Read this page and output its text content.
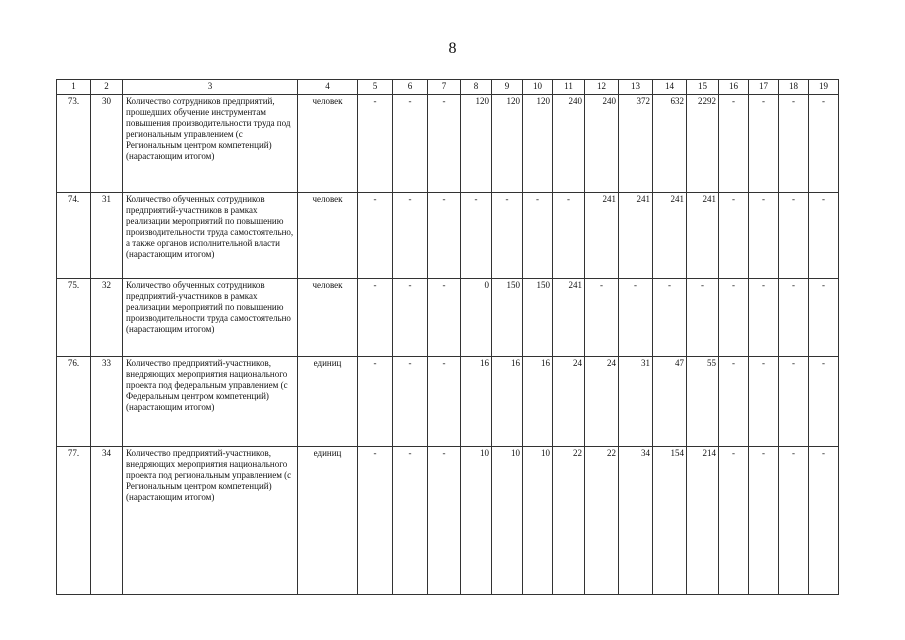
8
1	2	3	4	5	6	7	8	9	10	11	12	13	14	15	16	17	18	19
73.	30	Количество сотрудников предприятий, прошедших обучение инструментам повышения производительности труда под региональным управлением (с Региональным центром компетенций) (нарастающим итогом)	человек	-	-	-	120	120	120	240	240	372	632	2292	-	-	-	-
74.	31	Количество обученных сотрудников предприятий-участников в рамках реализации мероприятий по повышению производительности труда самостоятельно, а также органов исполнительной власти (нарастающим итогом)	человек	-	-	-	-	-	-	-	241	241	241	241	-	-	-	-
75.	32	Количество обученных сотрудников предприятий-участников в рамках реализации мероприятий по повышению производительности труда самостоятельно (нарастающим итогом)	человек	-	-	-	0	150	150	241	-	-	-	-	-	-	-	-
76.	33	Количество предприятий-участников, внедряющих мероприятия национального проекта под федеральным управлением (с Федеральным центром компетенций) (нарастающим итогом)	единиц	-	-	-	16	16	16	24	24	31	47	55	-	-	-	-
77.	34	Количество предприятий-участников, внедряющих мероприятия национального проекта под региональным управлением (с Региональным центром компетенций) (нарастающим итогом)	единиц	-	-	-	10	10	10	22	22	34	154	214	-	-	-	-
